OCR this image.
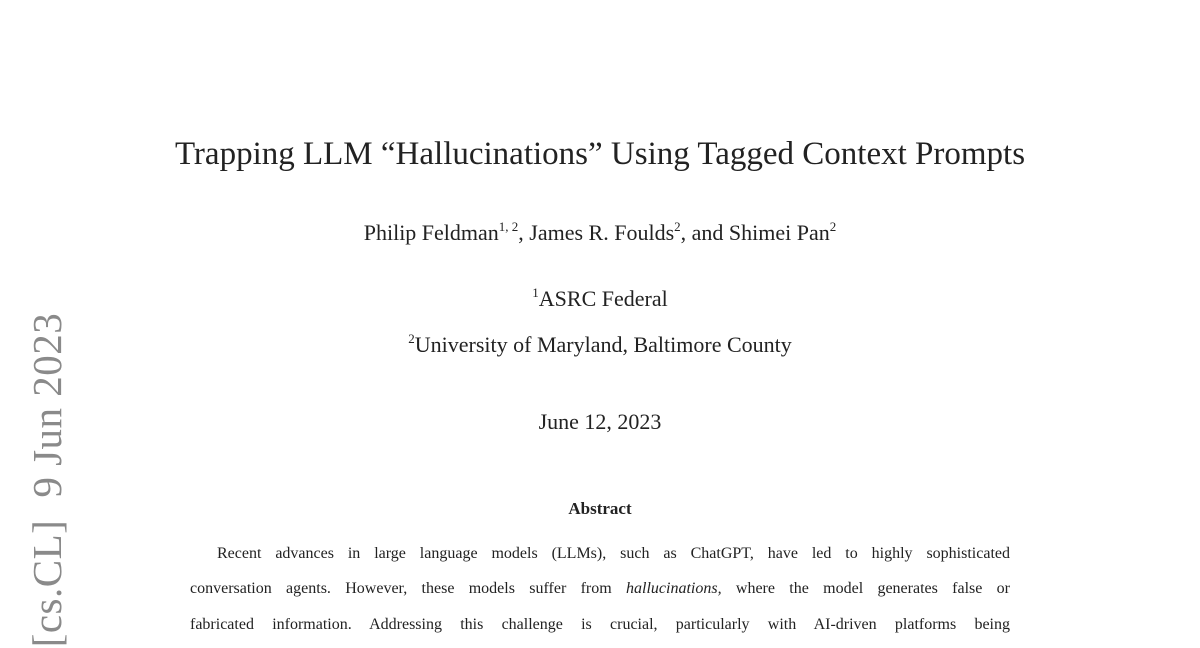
[cs.CL]9 Jun 2023
Trapping LLM “Hallucinations” Using Tagged Context Prompts
Philip Feldman$^{1, 2}$, James R. Foulds$^2$, and Shimei Pan$^2$
$^1$ASRC Federal
$^2$University of Maryland, Baltimore County
June 12, 2023
Abstract
Recent advances in large language models (LLMs), such as ChatGPT, have led to highly sophisticated
conversation agents. However, these models suffer from hallucinations, where the model generates false or
fabricated information. Addressing this challenge is crucial, particularly with AI-driven platforms being
